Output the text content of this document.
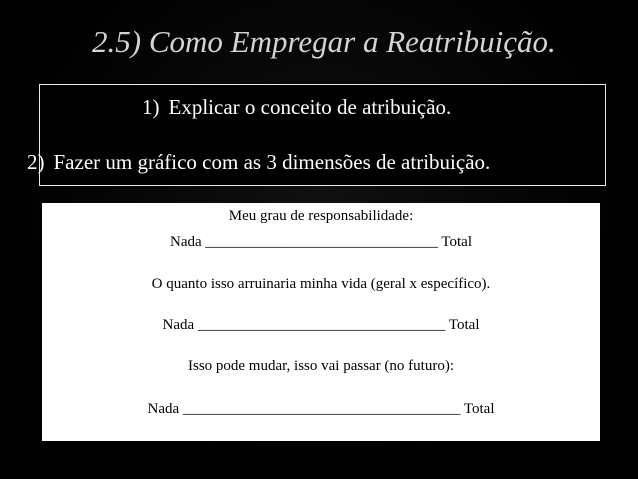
2.5) Como Empregar a Reatribuição.
1) Explicar o conceito de atribuição.
2) Fazer um gráfico com as 3 dimensões de atribuição.
Meu grau de responsabilidade:
Nada _______________________________ Total
O quanto isso arruinaria minha vida (geral x específico).
Nada _________________________________ Total
Isso pode mudar, isso vai passar (no futuro):
Nada _____________________________________ Total
